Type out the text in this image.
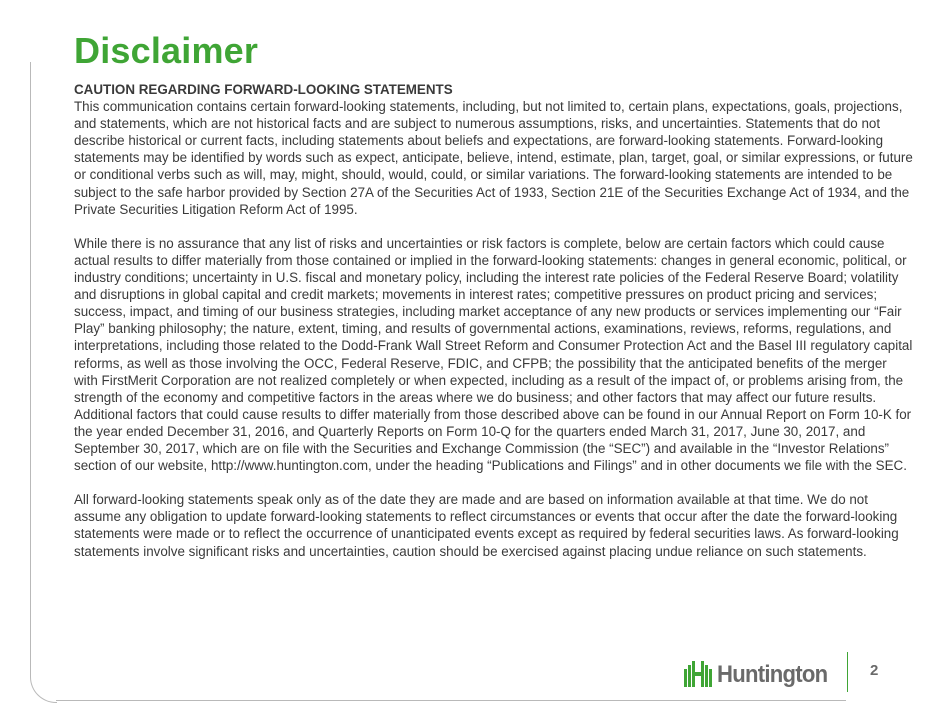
Disclaimer
CAUTION REGARDING FORWARD-LOOKING STATEMENTS

This communication contains certain forward-looking statements, including, but not limited to, certain plans, expectations, goals, projections, and statements, which are not historical facts and are subject to numerous assumptions, risks, and uncertainties. Statements that do not describe historical or current facts, including statements about beliefs and expectations, are forward-looking statements. Forward-looking statements may be identified by words such as expect, anticipate, believe, intend, estimate, plan, target, goal, or similar expressions, or future or conditional verbs such as will, may, might, should, would, could, or similar variations. The forward-looking statements are intended to be subject to the safe harbor provided by Section 27A of the Securities Act of 1933, Section 21E of the Securities Exchange Act of 1934, and the Private Securities Litigation Reform Act of 1995.

While there is no assurance that any list of risks and uncertainties or risk factors is complete, below are certain factors which could cause actual results to differ materially from those contained or implied in the forward-looking statements: changes in general economic, political, or industry conditions; uncertainty in U.S. fiscal and monetary policy, including the interest rate policies of the Federal Reserve Board; volatility and disruptions in global capital and credit markets; movements in interest rates; competitive pressures on product pricing and services; success, impact, and timing of our business strategies, including market acceptance of any new products or services implementing our “Fair Play” banking philosophy; the nature, extent, timing, and results of governmental actions, examinations, reviews, reforms, regulations, and interpretations, including those related to the Dodd-Frank Wall Street Reform and Consumer Protection Act and the Basel III regulatory capital reforms, as well as those involving the OCC, Federal Reserve, FDIC, and CFPB; the possibility that the anticipated benefits of the merger with FirstMerit Corporation are not realized completely or when expected, including as a result of the impact of, or problems arising from, the strength of the economy and competitive factors in the areas where we do business; and other factors that may affect our future results. Additional factors that could cause results to differ materially from those described above can be found in our Annual Report on Form 10-K for the year ended December 31, 2016, and Quarterly Reports on Form 10-Q for the quarters ended March 31, 2017, June 30, 2017, and September 30, 2017, which are on file with the Securities and Exchange Commission (the “SEC”) and available in the “Investor Relations” section of our website, http://www.huntington.com, under the heading “Publications and Filings” and in other documents we file with the SEC.

All forward-looking statements speak only as of the date they are made and are based on information available at that time. We do not assume any obligation to update forward-looking statements to reflect circumstances or events that occur after the date the forward-looking statements were made or to reflect the occurrence of unanticipated events except as required by federal securities laws. As forward-looking statements involve significant risks and uncertainties, caution should be exercised against placing undue reliance on such statements.

Huntington	2
